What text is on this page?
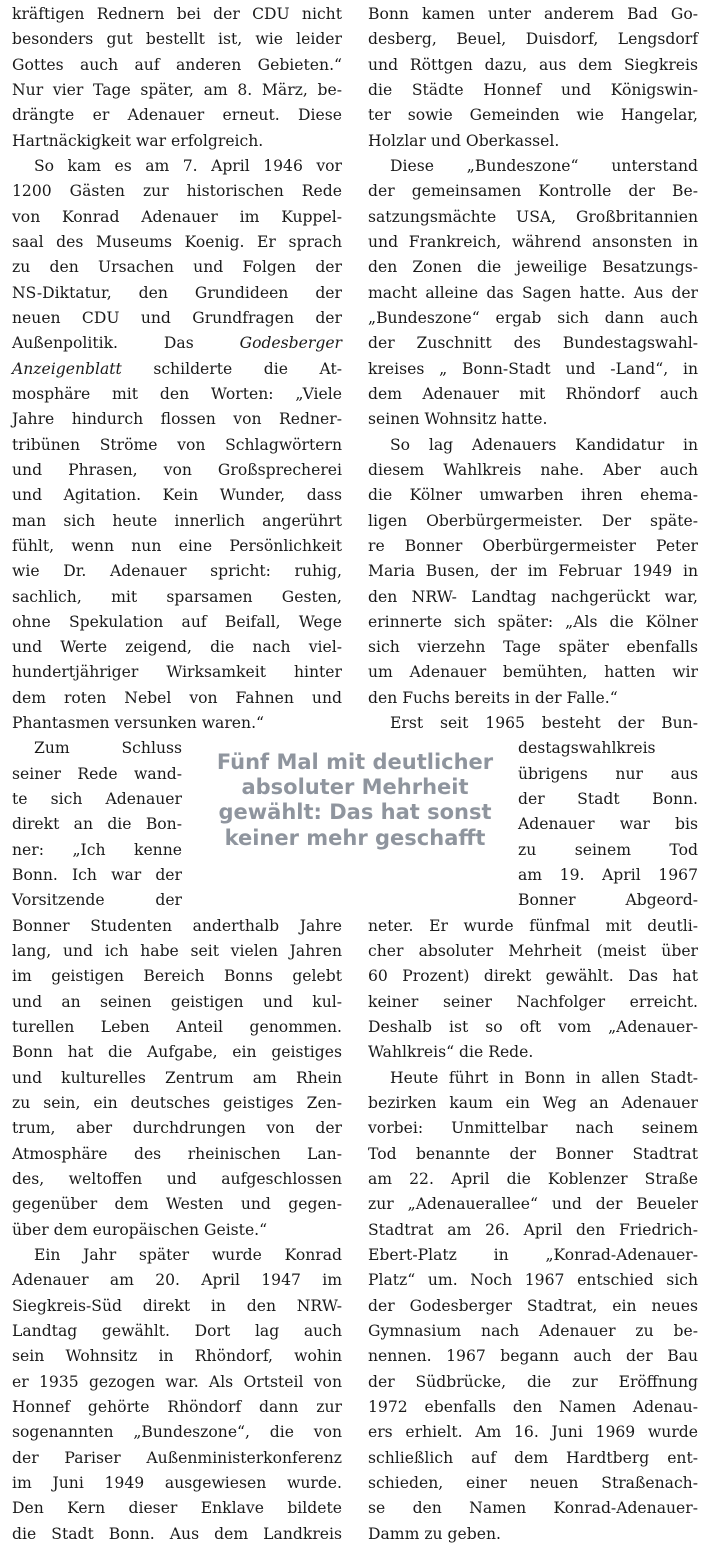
kräftigen Rednern bei der CDU nicht
besonders gut bestellt ist, wie leider
Gottes auch auf anderen Gebieten.“
Nur vier Tage später, am 8. März, be-
drängte er Adenauer erneut. Diese
Hartnäckigkeit war erfolgreich.
So kam es am 7. April 1946 vor
1200 Gästen zur historischen Rede
von Konrad Adenauer im Kuppel-
saal des Museums Koenig. Er sprach
zu den Ursachen und Folgen der
NS-Diktatur, den Grundideen der
neuen CDU und Grundfragen der
Außenpolitik. Das Godesberger
Anzeigenblatt schilderte die At-
mosphäre mit den Worten: „Viele
Jahre hindurch flossen von Redner-
tribünen Ströme von Schlagwörtern
und Phrasen, von Großsprecherei
und Agitation. Kein Wunder, dass
man sich heute innerlich angerührt
fühlt, wenn nun eine Persönlichkeit
wie Dr. Adenauer spricht: ruhig,
sachlich, mit sparsamen Gesten,
ohne Spekulation auf Beifall, Wege
und Werte zeigend, die nach viel-
hundertjähriger Wirksamkeit hinter
dem roten Nebel von Fahnen und
Phantasmen versunken waren.“
Zum Schluss
seiner Rede wand-
te sich Adenauer
direkt an die Bon-
ner: „Ich kenne
Bonn. Ich war der
Vorsitzende der
Bonner Studenten anderthalb Jahre
lang, und ich habe seit vielen Jahren
im geistigen Bereich Bonns gelebt
und an seinen geistigen und kul-
turellen Leben Anteil genommen.
Bonn hat die Aufgabe, ein geistiges
und kulturelles Zentrum am Rhein
zu sein, ein deutsches geistiges Zen-
trum, aber durchdrungen von der
Atmosphäre des rheinischen Lan-
des, weltoffen und aufgeschlossen
gegenüber dem Westen und gegen-
über dem europäischen Geiste.“
Ein Jahr später wurde Konrad
Adenauer am 20. April 1947 im
Siegkreis-Süd direkt in den NRW-
Landtag gewählt. Dort lag auch
sein Wohnsitz in Rhöndorf, wohin
er 1935 gezogen war. Als Ortsteil von
Honnef gehörte Rhöndorf dann zur
sogenannten „Bundeszone“, die von
der Pariser Außenministerkonferenz
im Juni 1949 ausgewiesen wurde.
Den Kern dieser Enklave bildete
die Stadt Bonn. Aus dem Landkreis
Bonn kamen unter anderem Bad Go-
desberg, Beuel, Duisdorf, Lengsdorf
und Röttgen dazu, aus dem Siegkreis
die Städte Honnef und Königswin-
ter sowie Gemeinden wie Hangelar,
Holzlar und Oberkassel.
Diese „Bundeszone“ unterstand
der gemeinsamen Kontrolle der Be-
satzungsmächte USA, Großbritannien
und Frankreich, während ansonsten in
den Zonen die jeweilige Besatzungs-
macht alleine das Sagen hatte. Aus der
„Bundeszone“ ergab sich dann auch
der Zuschnitt des Bundestagswahl-
kreises „ Bonn-Stadt und -Land“, in
dem Adenauer mit Rhöndorf auch
seinen Wohnsitz hatte.
So lag Adenauers Kandidatur in
diesem Wahlkreis nahe. Aber auch
die Kölner umwarben ihren ehema-
ligen Oberbürgermeister. Der späte-
re Bonner Oberbürgermeister Peter
Maria Busen, der im Februar 1949 in
den NRW- Landtag nachgerückt war,
erinnerte sich später: „Als die Kölner
sich vierzehn Tage später ebenfalls
um Adenauer bemühten, hatten wir
den Fuchs bereits in der Falle.“
Erst seit 1965 besteht der Bun-
destagswahlkreis
übrigens nur aus
der Stadt Bonn.
Adenauer war bis
zu seinem Tod
am 19. April 1967
Bonner Abgeord-
neter. Er wurde fünfmal mit deutli-
cher absoluter Mehrheit (meist über
60 Prozent) direkt gewählt. Das hat
keiner seiner Nachfolger erreicht.
Deshalb ist so oft vom „Adenauer-
Wahlkreis“ die Rede.
Heute führt in Bonn in allen Stadt-
bezirken kaum ein Weg an Adenauer
vorbei: Unmittelbar nach seinem
Tod benannte der Bonner Stadtrat
am 22. April die Koblenzer Straße
zur „Adenauerallee“ und der Beueler
Stadtrat am 26. April den Friedrich-
Ebert-Platz in „Konrad-Adenauer-
Platz“ um. Noch 1967 entschied sich
der Godesberger Stadtrat, ein neues
Gymnasium nach Adenauer zu be-
nennen. 1967 begann auch der Bau
der Südbrücke, die zur Eröffnung
1972 ebenfalls den Namen Adenau-
ers erhielt. Am 16. Juni 1969 wurde
schließlich auf dem Hardtberg ent-
schieden, einer neuen Straßenach-
se den Namen Konrad-Adenauer-
Damm zu geben.
Fünf Mal mit deutlicher
absoluter Mehrheit
gewählt: Das hat sonst
keiner mehr geschafft
